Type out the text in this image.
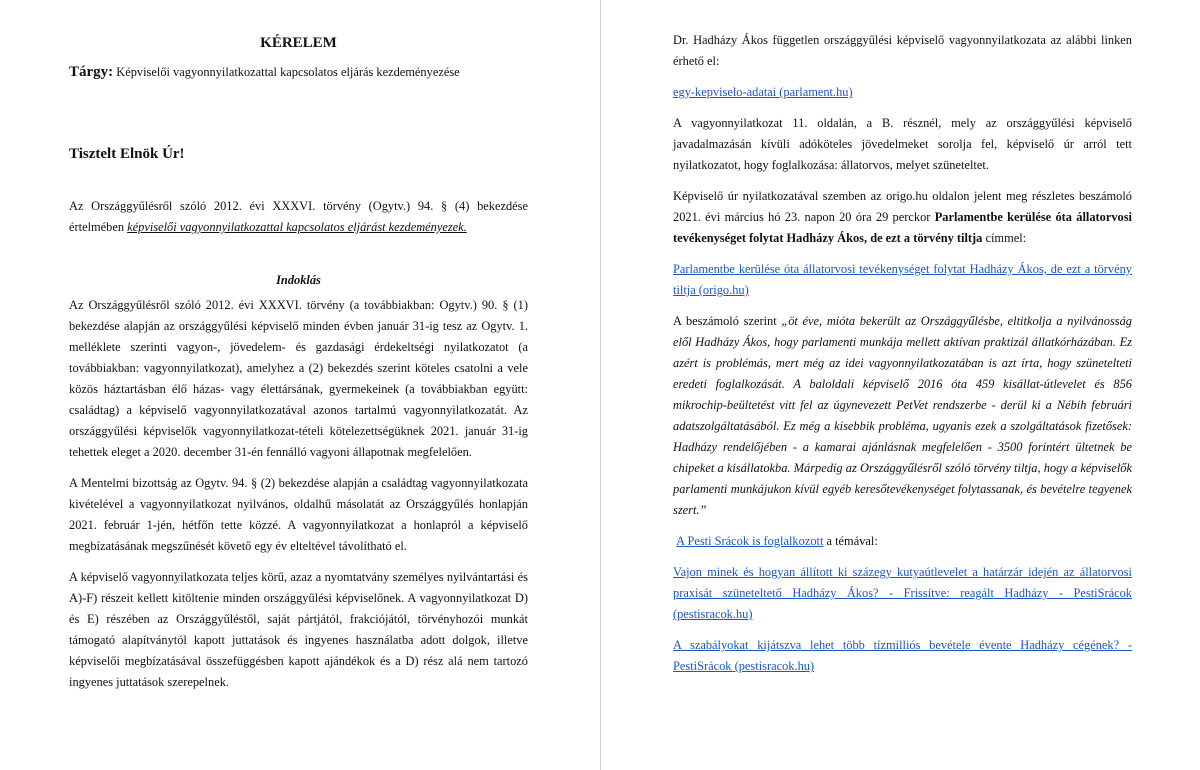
KÉRELEM

Tárgy: Képviselői vagyonnyilatkozattal kapcsolatos eljárás kezdeményezése

Tisztelt Elnök Úr!

Az Országgyűlésről szóló 2012. évi XXXVI. törvény (Ogytv.) 94. § (4) bekezdése értelmében képviselői vagyonnyilatkozattal kapcsolatos eljárást kezdeményezek.

Indoklás

Az Országgyűlésről szóló 2012. évi XXXVI. törvény (a továbbiakban: Ogytv.) 90. § (1) bekezdése alapján az országgyűlési képviselő minden évben január 31-ig tesz az Ogytv. 1. melléklete szerinti vagyon-, jövedelem- és gazdasági érdekeltségi nyilatkozatot (a továbbiakban: vagyonnyilatkozat), amelyhez a (2) bekezdés szerint köteles csatolni a vele közös háztartásban élő házas- vagy élettársának, gyermekeinek (a továbbiakban együtt: családtag) a képviselő vagyonnyilatkozatával azonos tartalmú vagyonnyilatkozatát. Az országgyűlési képviselők vagyonnyilatkozat-tételi kötelezettségüknek 2021. január 31-ig tehettek eleget a 2020. december 31-én fennálló vagyoni állapotnak megfelelően.

A Mentelmi bizottság az Ogytv. 94. § (2) bekezdése alapján a családtag vagyonnyilatkozata kivételével a vagyonnyilatkozat nyilvános, oldalhű másolatát az Országgyűlés honlapján 2021. február 1-jén, hétfőn tette közzé. A vagyonnyilatkozat a honlapról a képviselő megbízatásának megszűnését követő egy év elteltével távolítható el.

A képviselő vagyonnyilatkozata teljes körű, azaz a nyomtatvány személyes nyilvántartási és A)-F) részeit kellett kitöltenie minden országgyűlési képviselőnek. A vagyonnyilatkozat D) és E) részében az Országgyűléstől, saját pártjától, frakciójától, törvényhozói munkát támogató alapítványtól kapott juttatások és ingyenes használatba adott dolgok, illetve képviselői megbízatásával összefüggésben kapott ajándékok és a D) rész alá nem tartozó ingyenes juttatások szerepelnek.

Dr. Hadházy Ákos független országgyűlési képviselő vagyonnyilatkozata az alábbi linken érhető el:

egy-kepviselo-adatai (parlament.hu)

A vagyonnyilatkozat 11. oldalán, a B. résznél, mely az országgyűlési képviselő javadalmazásán kívüli adóköteles jövedelmeket sorolja fel, képviselő úr arról tett nyilatkozatot, hogy foglalkozása: állatorvos, melyet szüneteltet.

Képviselő úr nyilatkozatával szemben az origo.hu oldalon jelent meg részletes beszámoló 2021. évi március hó 23. napon 20 óra 29 perckor Parlamentbe kerülése óta állatorvosi tevékenységet folytat Hadházy Ákos, de ezt a törvény tiltja címmel:

Parlamentbe kerülése óta állatorvosi tevékenységet folytat Hadházy Ákos, de ezt a törvény tiltja (origo.hu)

A beszámoló szerint „öt éve, mióta bekerült az Országgyűlésbe, eltitkolja a nyilvánosság elől Hadházy Ákos, hogy parlamenti munkája mellett aktívan praktizál állatkórházában. Ez azért is problémás, mert még az idei vagyonnyilatkozatában is azt írta, hogy szünetelteti eredeti foglalkozását. A baloldali képviselő 2016 óta 459 kisállat-útlevelet és 856 mikrochip-beültetést vitt fel az úgynevezett PetVet rendszerbe - derül ki a Nébih februári adatszolgáltatásából. Ez még a kisebbik probléma, ugyanis ezek a szolgáltatások fizetősek: Hadházy rendelőjében - a kamarai ajánlásnak megfelelően - 3500 forintért ültetnek be chipeket a kisállatokba. Márpedig az Országgyűlésről szóló törvény tiltja, hogy a képviselők parlamenti munkájukon kívül egyéb keresőtevékenységet folytassanak, és bevételre tegyenek szert.”

A Pesti Srácok is foglalkozott a témával:

Vajon minek és hogyan állított ki százegy kutyaútlevelet a határzár idején az állatorvosi praxisát szüneteltető Hadházy Ákos? - Frissítve: reagált Hadházy - PestiSrácok (pestisracok.hu)

A szabályokat kijátszva lehet több tízmilliós bevétele évente Hadházy cégének? - PestiSrácok (pestisracok.hu)
